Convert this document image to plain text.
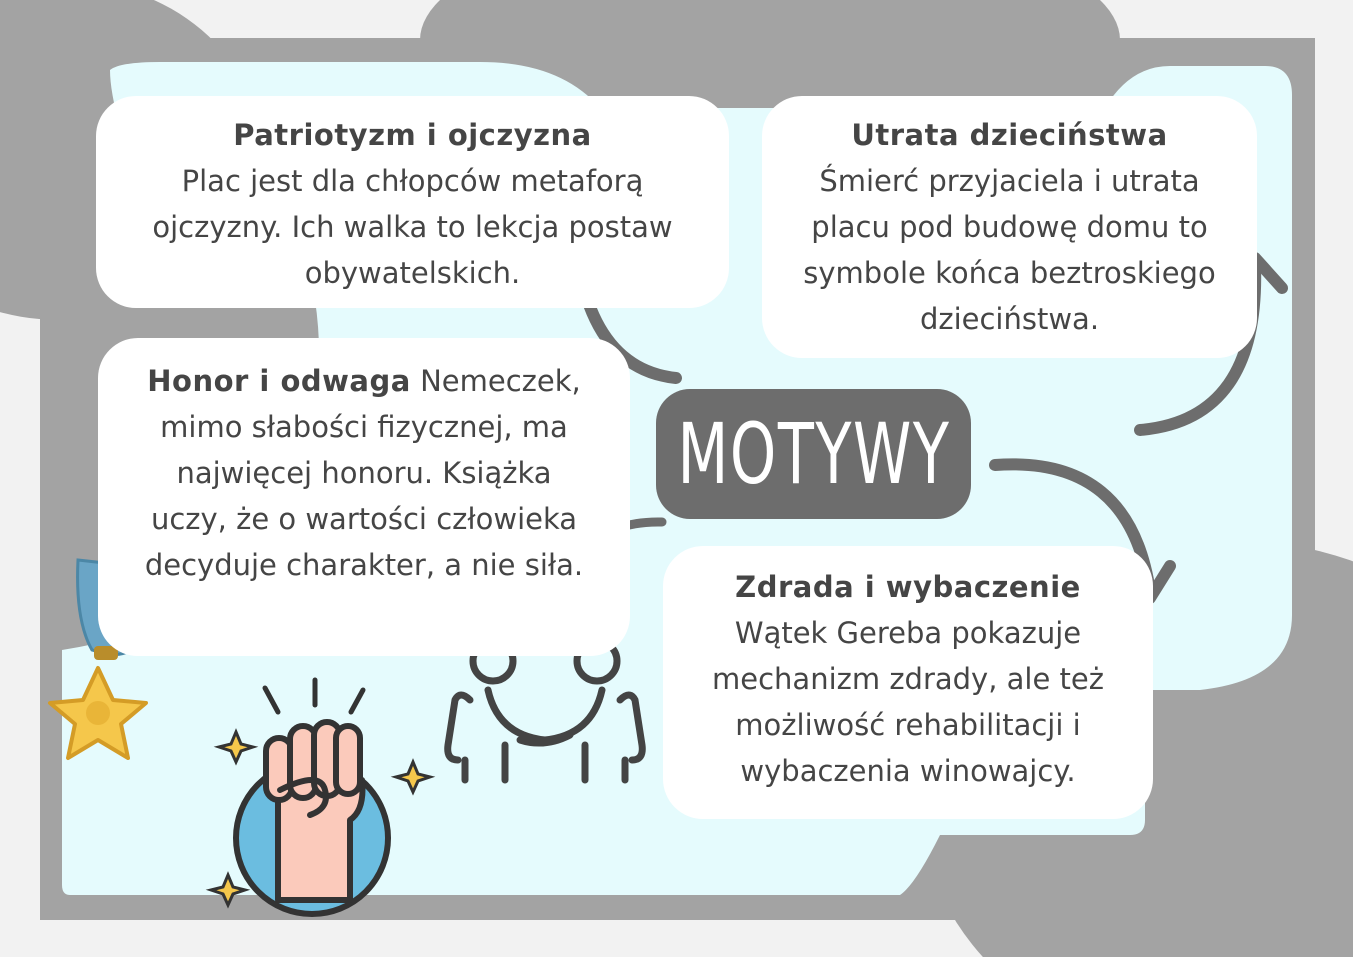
Patriotyzm i ojczyzna
Plac jest dla chłopców metaforą ojczyzny. Ich walka to lekcja postaw obywatelskich.
Utrata dzieciństwa
Śmierć przyjaciela i utrata placu pod budowę domu to symbole końca beztroskiego dzieciństwa.
Honor i odwaga Nemeczek, mimo słabości fizycznej, ma najwięcej honoru. Książka uczy, że o wartości człowieka decyduje charakter, a nie siła.
Zdrada i wybaczenie
Wątek Gereba pokazuje mechanizm zdrady, ale też możliwość rehabilitacji i wybaczenia winowajcy.
MOTYWY
